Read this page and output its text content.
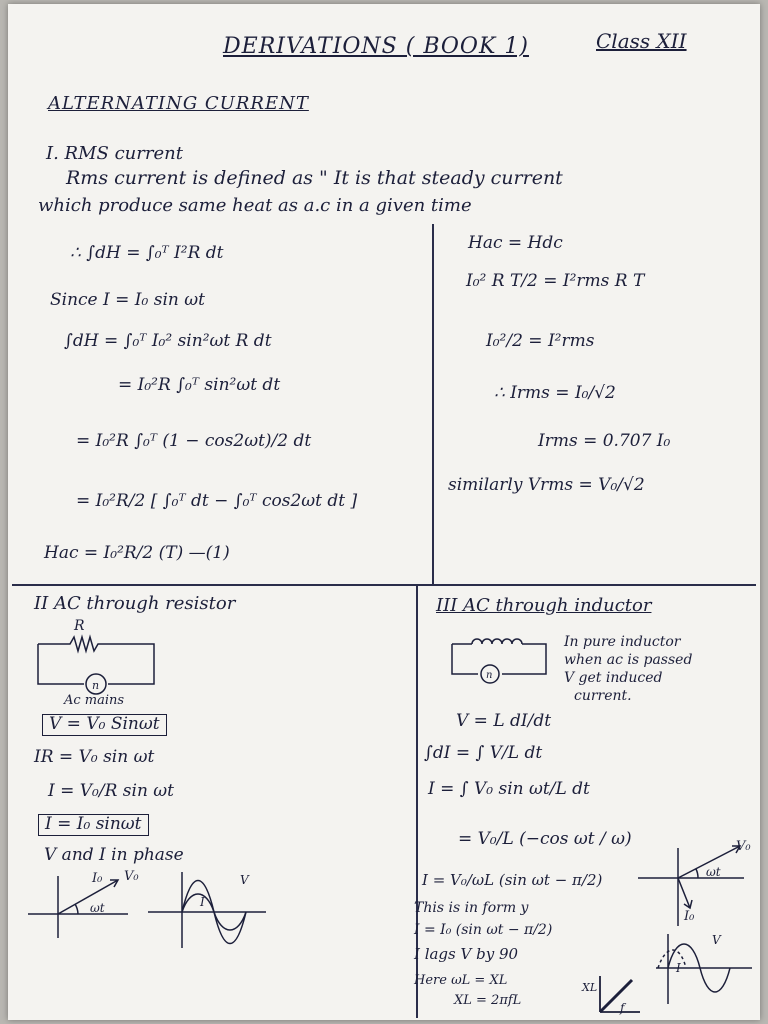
DERIVATIONS ( BOOK 1)	Class XII
ALTERNATING CURRENT
I. RMS current
Rms current is defined as " It is that steady current
which produce same heat as a.c in a given time
∴ ∫dH = ∫₀ᵀ I²R dt
Since I = I₀ sin ωt
∫dH = ∫₀ᵀ I₀² sin²ωt R dt
= I₀²R ∫₀ᵀ sin²ωt dt
= I₀²R ∫₀ᵀ (1 − cos2ωt)/2 dt
= I₀²R/2 [ ∫₀ᵀ dt − ∫₀ᵀ cos2ωt dt ]
Hac = I₀²R/2 (T) —(1)
Hac = Hdc
I₀² R T/2 = I²rms R T
I₀²/2 = I²rms
∴ Irms = I₀/√2
Irms = 0.707 I₀
similarly Vrms = V₀/√2
II AC through resistor
n
R
Ac mains
V = V₀ Sinωt
IR = V₀ sin ωt
I = V₀/R sin ωt
I = I₀ sinωt
V and I in phase
I₀ V₀
ωt
V
I
III AC through inductor
n
In pure inductor
when ac is passed
V get induced
current.
V = L dI/dt
∫dI = ∫ V/L dt
I = ∫ V₀ sin ωt/L dt
= V₀/L (−cos ωt / ω)
I = V₀/ωL (sin ωt − π/2)
This is in form y
I = I₀ (sin ωt − π/2)
I lags V by 90
Here ωL = XL
XL = 2πfL
V₀
I₀
ωt
V
I
XL
f
